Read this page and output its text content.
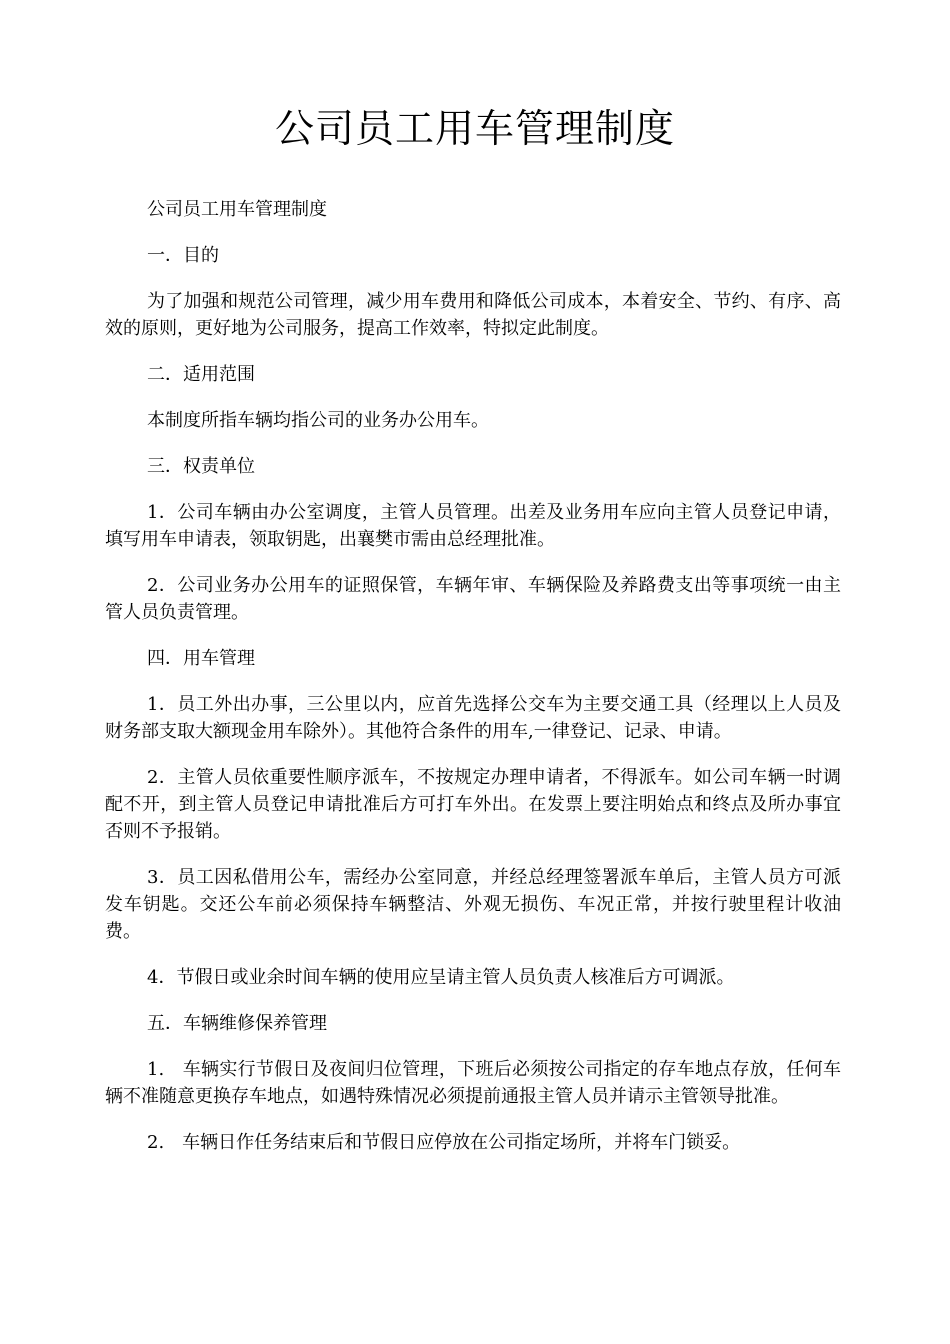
公司员工用车管理制度

公司员工用车管理制度

一．目的

为了加强和规范公司管理，减少用车费用和降低公司成本，本着安全、节约、有序、高效的原则，更好地为公司服务，提高工作效率，特拟定此制度。

二．适用范围

本制度所指车辆均指公司的业务办公用车。

三．权责单位

1．公司车辆由办公室调度，主管人员管理。出差及业务用车应向主管人员登记申请，填写用车申请表，领取钥匙，出襄樊市需由总经理批准。

2．公司业务办公用车的证照保管，车辆年审、车辆保险及养路费支出等事项统一由主管人员负责管理。

四．用车管理

1．员工外出办事，三公里以内，应首先选择公交车为主要交通工具（经理以上人员及财务部支取大额现金用车除外）。其他符合条件的用车,一律登记、记录、申请。

2．主管人员依重要性顺序派车，不按规定办理申请者，不得派车。如公司车辆一时调配不开，到主管人员登记申请批准后方可打车外出。在发票上要注明始点和终点及所办事宜否则不予报销。

3．员工因私借用公车，需经办公室同意，并经总经理签署派车单后，主管人员方可派发车钥匙。交还公车前必须保持车辆整洁、外观无损伤、车况正常，并按行驶里程计收油费。

4．节假日或业余时间车辆的使用应呈请主管人员负责人核准后方可调派。

五．车辆维修保养管理

1.　车辆实行节假日及夜间归位管理，下班后必须按公司指定的存车地点存放，任何车辆不准随意更换存车地点，如遇特殊情况必须提前通报主管人员并请示主管领导批准。

2.　车辆日作任务结束后和节假日应停放在公司指定场所，并将车门锁妥。
